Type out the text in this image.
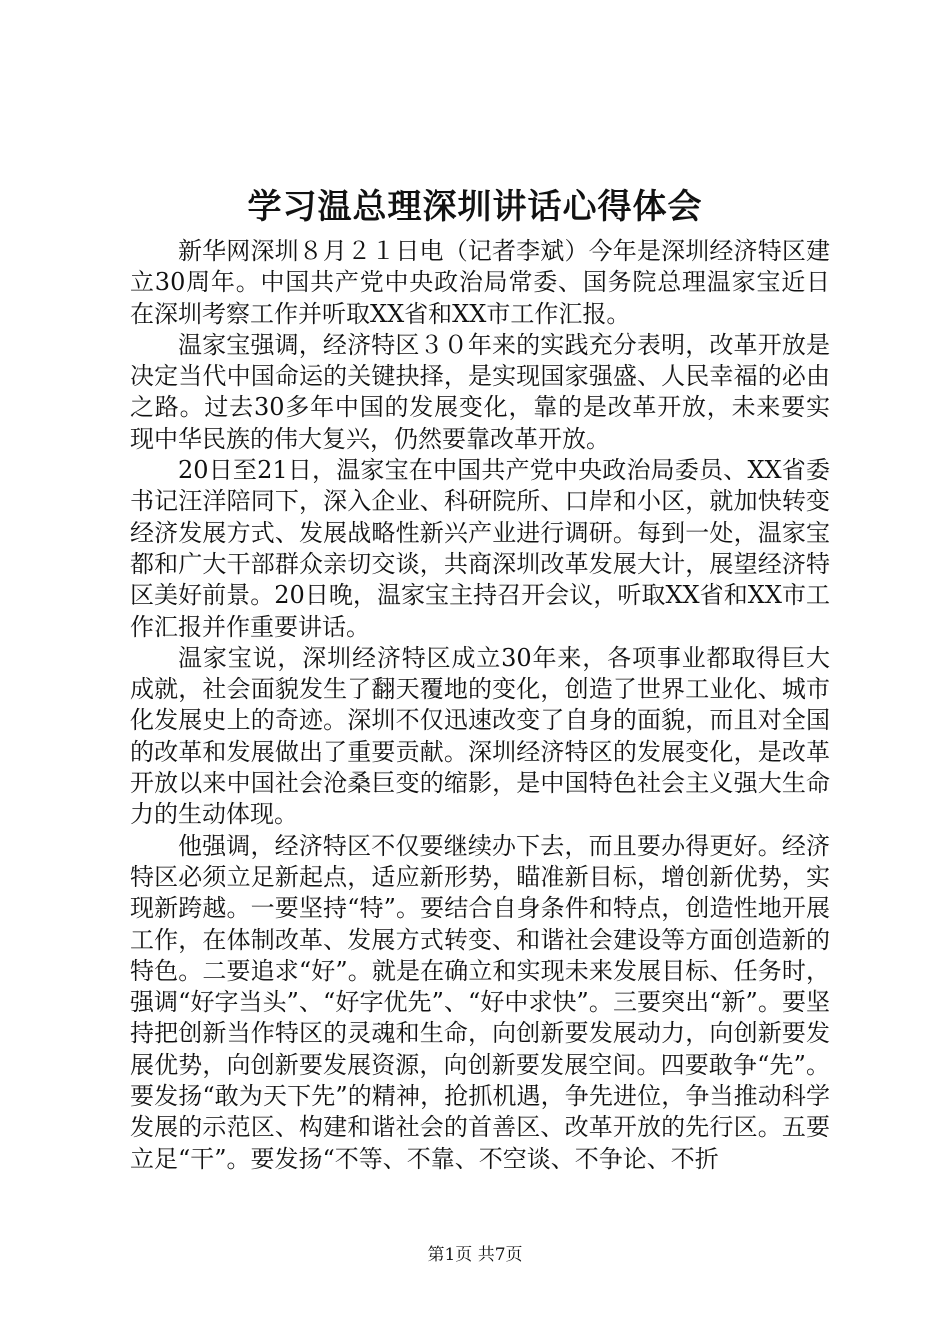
学习温总理深圳讲话心得体会

新华网深圳８月２１日电（记者李斌）今年是深圳经济特区建立30周年。中国共产党中央政治局常委、国务院总理温家宝近日在深圳考察工作并听取XX省和XX市工作汇报。

温家宝强调，经济特区３０年来的实践充分表明，改革开放是决定当代中国命运的关键抉择，是实现国家强盛、人民幸福的必由之路。过去30多年中国的发展变化，靠的是改革开放，未来要实现中华民族的伟大复兴，仍然要靠改革开放。

20日至21日，温家宝在中国共产党中央政治局委员、XX省委书记汪洋陪同下，深入企业、科研院所、口岸和小区，就加快转变经济发展方式、发展战略性新兴产业进行调研。每到一处，温家宝都和广大干部群众亲切交谈，共商深圳改革发展大计，展望经济特区美好前景。20日晚，温家宝主持召开会议，听取XX省和XX市工作汇报并作重要讲话。

温家宝说，深圳经济特区成立30年来，各项事业都取得巨大成就，社会面貌发生了翻天覆地的变化，创造了世界工业化、城市化发展史上的奇迹。深圳不仅迅速改变了自身的面貌，而且对全国的改革和发展做出了重要贡献。深圳经济特区的发展变化，是改革开放以来中国社会沧桑巨变的缩影，是中国特色社会主义强大生命力的生动体现。

他强调，经济特区不仅要继续办下去，而且要办得更好。经济特区必须立足新起点，适应新形势，瞄准新目标，增创新优势，实现新跨越。一要坚持“特”。要结合自身条件和特点，创造性地开展工作，在体制改革、发展方式转变、和谐社会建设等方面创造新的特色。二要追求“好”。就是在确立和实现未来发展目标、任务时，强调“好字当头”、“好字优先”、“好中求快”。三要突出“新”。要坚持把创新当作特区的灵魂和生命，向创新要发展动力，向创新要发展优势，向创新要发展资源，向创新要发展空间。四要敢争“先”。要发扬“敢为天下先”的精神，抢抓机遇，争先进位，争当推动科学发展的示范区、构建和谐社会的首善区、改革开放的先行区。五要立足“干”。要发扬“不等、不靠、不空谈、不争论、不折

第1页 共7页
